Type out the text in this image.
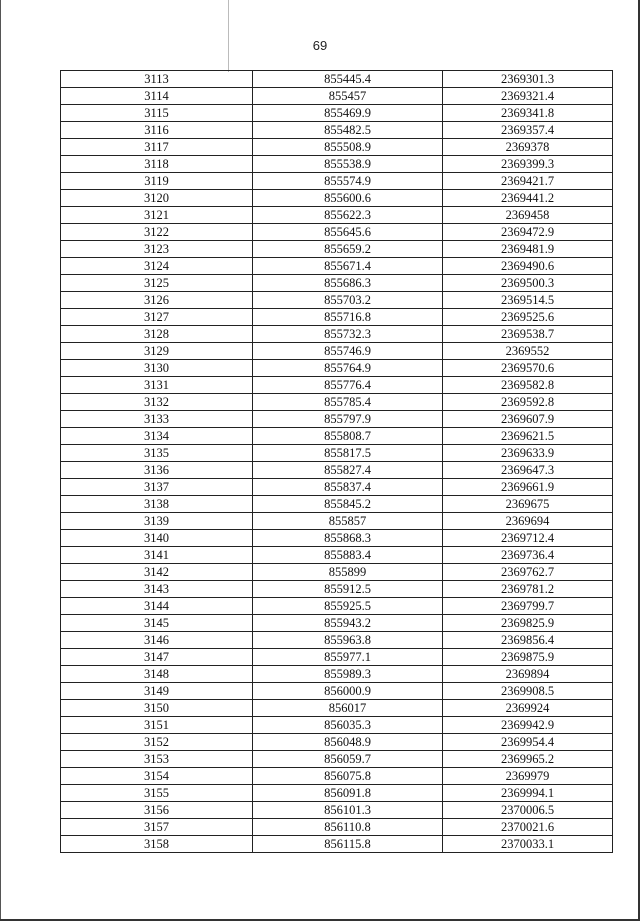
69
3113	855445.4	2369301.3
3114	855457	2369321.4
3115	855469.9	2369341.8
3116	855482.5	2369357.4
3117	855508.9	2369378
3118	855538.9	2369399.3
3119	855574.9	2369421.7
3120	855600.6	2369441.2
3121	855622.3	2369458
3122	855645.6	2369472.9
3123	855659.2	2369481.9
3124	855671.4	2369490.6
3125	855686.3	2369500.3
3126	855703.2	2369514.5
3127	855716.8	2369525.6
3128	855732.3	2369538.7
3129	855746.9	2369552
3130	855764.9	2369570.6
3131	855776.4	2369582.8
3132	855785.4	2369592.8
3133	855797.9	2369607.9
3134	855808.7	2369621.5
3135	855817.5	2369633.9
3136	855827.4	2369647.3
3137	855837.4	2369661.9
3138	855845.2	2369675
3139	855857	2369694
3140	855868.3	2369712.4
3141	855883.4	2369736.4
3142	855899	2369762.7
3143	855912.5	2369781.2
3144	855925.5	2369799.7
3145	855943.2	2369825.9
3146	855963.8	2369856.4
3147	855977.1	2369875.9
3148	855989.3	2369894
3149	856000.9	2369908.5
3150	856017	2369924
3151	856035.3	2369942.9
3152	856048.9	2369954.4
3153	856059.7	2369965.2
3154	856075.8	2369979
3155	856091.8	2369994.1
3156	856101.3	2370006.5
3157	856110.8	2370021.6
3158	856115.8	2370033.1
